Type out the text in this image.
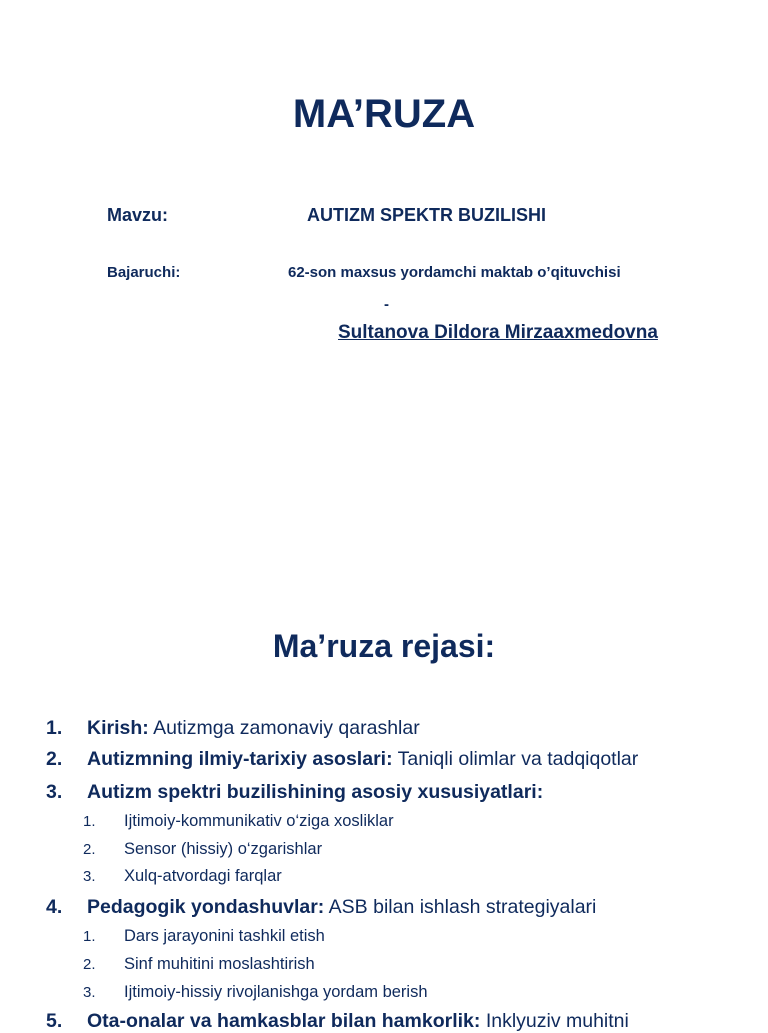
MA’RUZA
Mavzu:	AUTIZM SPEKTR BUZILISHI
Bajaruchi:	62-son maxsus yordamchi maktab o’qituvchisi
-
Sultanova Dildora Mirzaaxmedovna
Ma’ruza rejasi:
1. Kirish: Autizmga zamonaviy qarashlar
2. Autizmning ilmiy-tarixiy asoslari: Taniqli olimlar va tadqiqotlar
3. Autizm spektri buzilishining asosiy xususiyatlari:
1. Ijtimoiy-kommunikativ o‘ziga xosliklar
2. Sensor (hissiy) o‘zgarishlar
3. Xulq-atvordagi farqlar
4. Pedagogik yondashuvlar: ASB bilan ishlash strategiyalari
1. Dars jarayonini tashkil etish
2. Sinf muhitini moslashtirish
3. Ijtimoiy-hissiy rivojlanishga yordam berish
5. Ota-onalar va hamkasblar bilan hamkorlik: Inklyuziv muhitni
